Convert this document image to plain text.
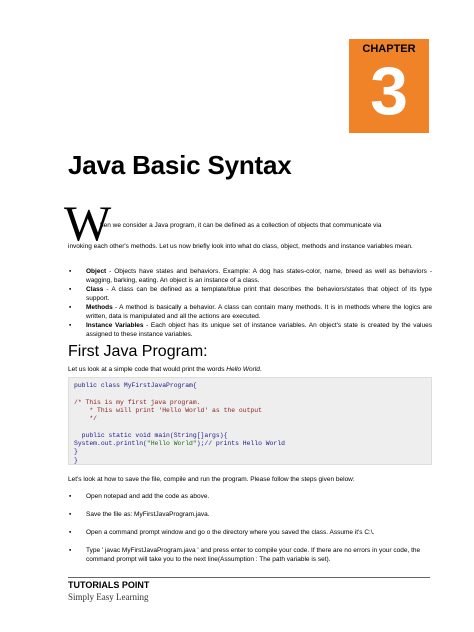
CHAPTER
3
Java Basic Syntax
W
hen we consider a Java program, it can be defined as a collection of objects that communicate via
invoking each other's methods. Let us now briefly look into what do class, object, methods and instance variables mean.
▪ Object - Objects have states and behaviors. Example: A dog has states-color, name, breed as well as behaviors -wagging, barking, eating. An object is an instance of a class.
▪ Class - A class can be defined as a template/blue print that describes the behaviors/states that object of its type support.
▪ Methods - A method is basically a behavior. A class can contain many methods. It is in methods where the logics are written, data is manipulated and all the actions are executed.
▪ Instance Variables - Each object has its unique set of instance variables. An object's state is created by the values assigned to these instance variables.
First Java Program:
Let us look at a simple code that would print the words Hello World.
public class MyFirstJavaProgram{
/* This is my first java program.
* This will print 'Hello World' as the output
*/
public static void main(String[]args){
System.out.println("Hello World");// prints Hello World
}
}
Let's look at how to save the file, compile and run the program. Please follow the steps given below:
▪ Open notepad and add the code as above.
▪ Save the file as: MyFirstJavaProgram.java.
▪ Open a command prompt window and go o the directory where you saved the class. Assume it's C:\.
▪ Type ' javac MyFirstJavaProgram.java ' and press enter to compile your code. If there are no errors in your code, the command prompt will take you to the next line(Assumption : The path variable is set).
TUTORIALS POINT
Simply Easy Learning
